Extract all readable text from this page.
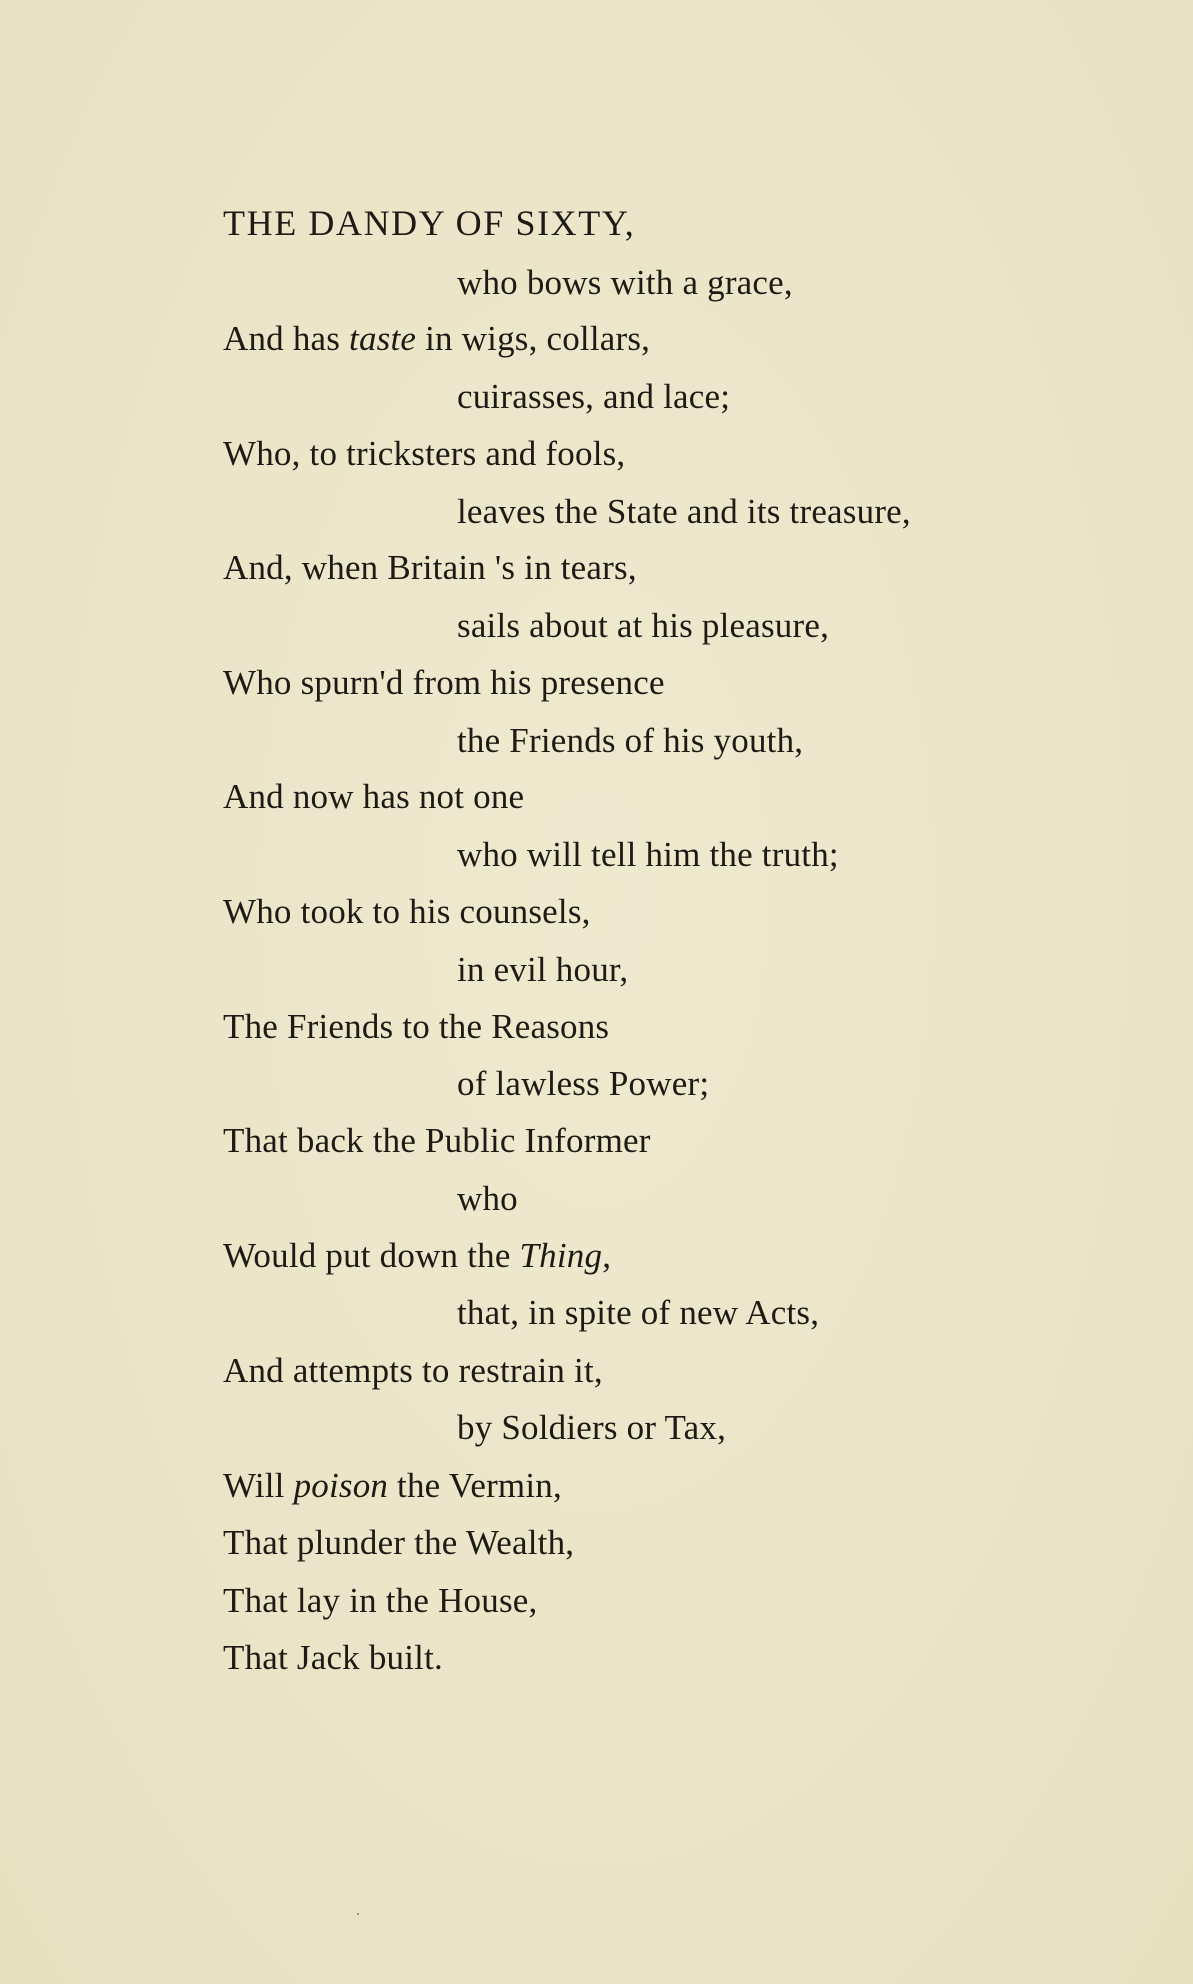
THE DANDY OF SIXTY,
who bows with a grace,
And has taste in wigs, collars,
cuirasses, and lace;
Who, to tricksters and fools,
leaves the State and its treasure,
And, when Britain 's in tears,
sails about at his pleasure,
Who spurn'd from his presence
the Friends of his youth,
And now has not one
who will tell him the truth;
Who took to his counsels,
in evil hour,
The Friends to the Reasons
of lawless Power;
That back the Public Informer
who
Would put down the Thing,
that, in spite of new Acts,
And attempts to restrain it,
by Soldiers or Tax,
Will poison the Vermin,
That plunder the Wealth,
That lay in the House,
That Jack built.
